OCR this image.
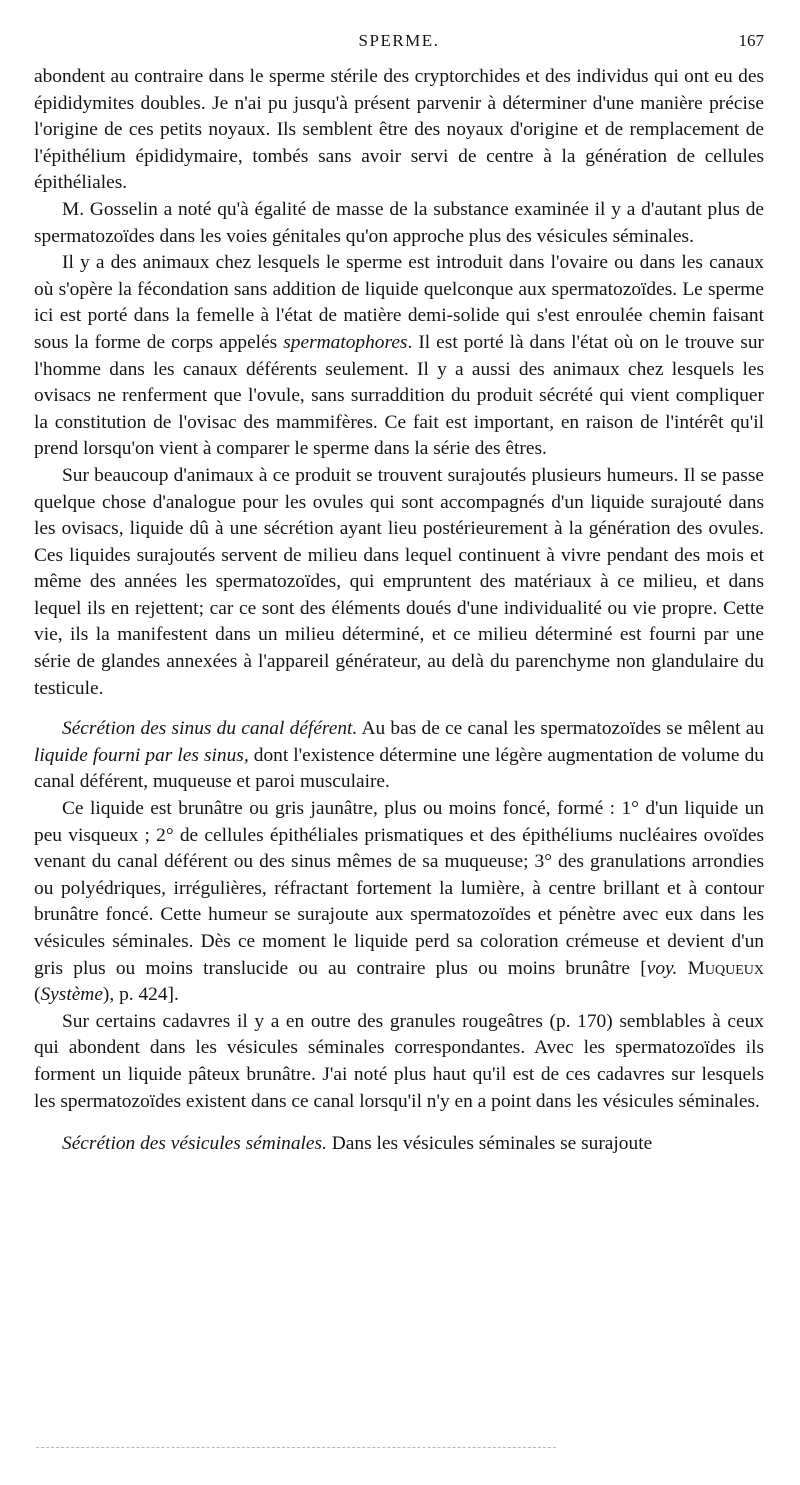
SPERME.	167

abondent au contraire dans le sperme stérile des cryptorchides et des individus qui ont eu des épididymites doubles. Je n'ai pu jusqu'à présent parvenir à déterminer d'une manière précise l'origine de ces petits noyaux. Ils semblent être des noyaux d'origine et de remplacement de l'épithélium épididymaire, tombés sans avoir servi de centre à la génération de cellules épithéliales.

M. Gosselin a noté qu'à égalité de masse de la substance examinée il y a d'autant plus de spermatozoïdes dans les voies génitales qu'on approche plus des vésicules séminales.

Il y a des animaux chez lesquels le sperme est introduit dans l'ovaire ou dans les canaux où s'opère la fécondation sans addition de liquide quelconque aux spermatozoïdes. Le sperme ici est porté dans la femelle à l'état de matière demi-solide qui s'est enroulée chemin faisant sous la forme de corps appelés spermatophores. Il est porté là dans l'état où on le trouve sur l'homme dans les canaux déférents seulement. Il y a aussi des animaux chez lesquels les ovisacs ne renferment que l'ovule, sans surraddition du produit sécrété qui vient compliquer la constitution de l'ovisac des mammifères. Ce fait est important, en raison de l'intérêt qu'il prend lorsqu'on vient à comparer le sperme dans la série des êtres.

Sur beaucoup d'animaux à ce produit se trouvent surajoutés plusieurs humeurs. Il se passe quelque chose d'analogue pour les ovules qui sont accompagnés d'un liquide surajouté dans les ovisacs, liquide dû à une sécrétion ayant lieu postérieurement à la génération des ovules. Ces liquides surajoutés servent de milieu dans lequel continuent à vivre pendant des mois et même des années les spermatozoïdes, qui empruntent des matériaux à ce milieu, et dans lequel ils en rejettent; car ce sont des éléments doués d'une individualité ou vie propre. Cette vie, ils la manifestent dans un milieu déterminé, et ce milieu déterminé est fourni par une série de glandes annexées à l'appareil générateur, au delà du parenchyme non glandulaire du testicule.

Sécrétion des sinus du canal déférent. Au bas de ce canal les spermatozoïdes se mêlent au liquide fourni par les sinus, dont l'existence détermine une légère augmentation de volume du canal déférent, muqueuse et paroi musculaire.

Ce liquide est brunâtre ou gris jaunâtre, plus ou moins foncé, formé : 1° d'un liquide un peu visqueux ; 2° de cellules épithéliales prismatiques et des épithéliums nucléaires ovoïdes venant du canal déférent ou des sinus mêmes de sa muqueuse; 3° des granulations arrondies ou polyédriques, irrégulières, réfractant fortement la lumière, à centre brillant et à contour brunâtre foncé. Cette humeur se surajoute aux spermatozoïdes et pénètre avec eux dans les vésicules séminales. Dès ce moment le liquide perd sa coloration crémeuse et devient d'un gris plus ou moins translucide ou au contraire plus ou moins brunâtre [voy. Muqueux (Système), p. 424].

Sur certains cadavres il y a en outre des granules rougeâtres (p. 170) semblables à ceux qui abondent dans les vésicules séminales correspondantes. Avec les spermatozoïdes ils forment un liquide pâteux brunâtre. J'ai noté plus haut qu'il est de ces cadavres sur lesquels les spermatozoïdes existent dans ce canal lorsqu'il n'y en a point dans les vésicules séminales.

Sécrétion des vésicules séminales. Dans les vésicules séminales se surajoute
